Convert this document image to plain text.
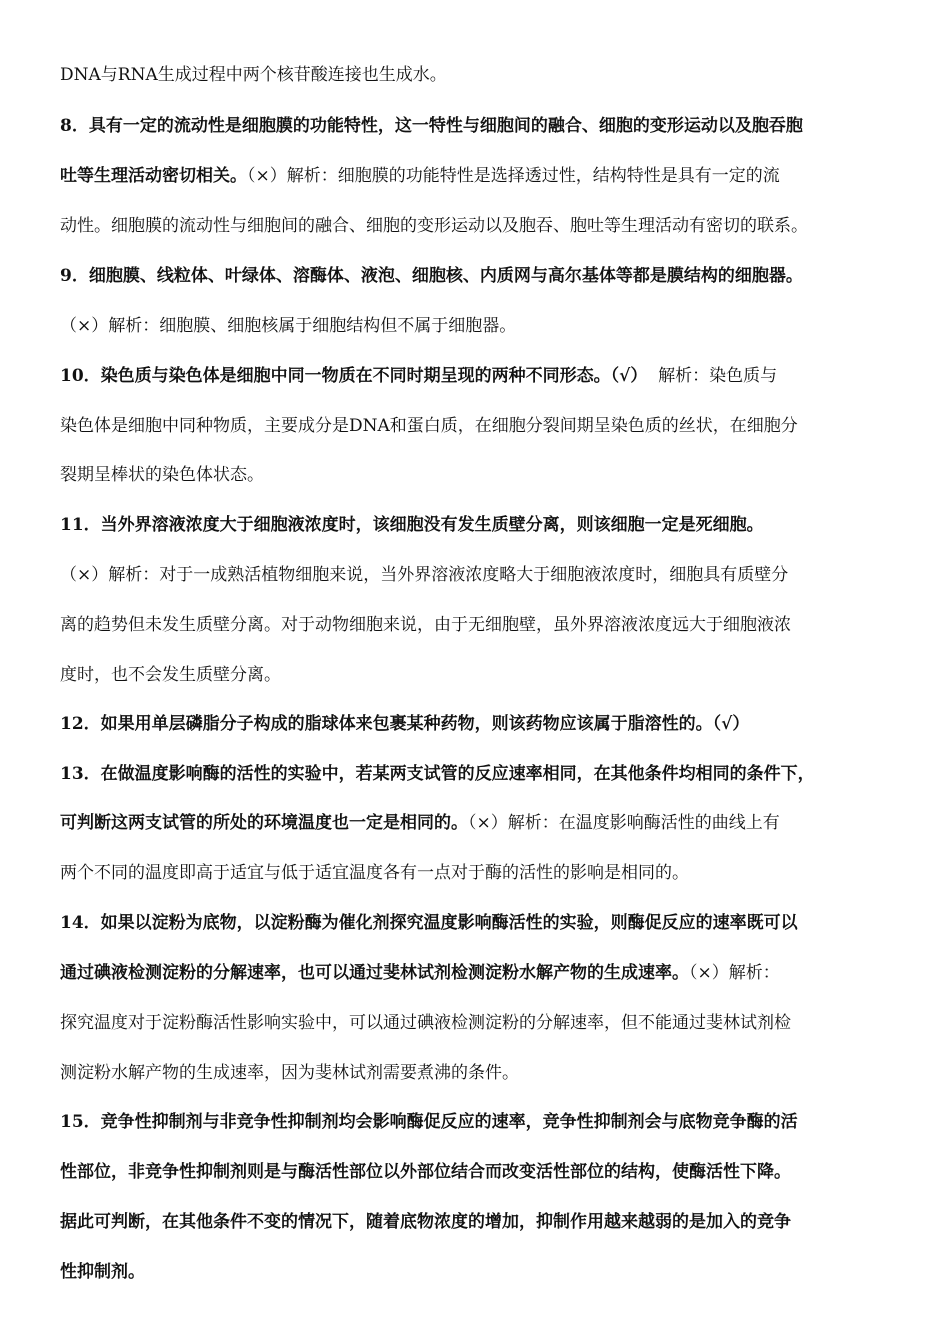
DNA与RNA生成过程中两个核苷酸连接也生成水。
8．具有一定的流动性是细胞膜的功能特性，这一特性与细胞间的融合、细胞的变形运动以及胞吞胞
吐等生理活动密切相关。（×）解析：细胞膜的功能特性是选择透过性，结构特性是具有一定的流
动性。细胞膜的流动性与细胞间的融合、细胞的变形运动以及胞吞、胞吐等生理活动有密切的联系。
9．细胞膜、线粒体、叶绿体、溶酶体、液泡、细胞核、内质网与高尔基体等都是膜结构的细胞器。
（×）解析：细胞膜、细胞核属于细胞结构但不属于细胞器。
10．染色质与染色体是细胞中同一物质在不同时期呈现的两种不同形态。（√）  解析：染色质与
染色体是细胞中同种物质，主要成分是DNA和蛋白质，在细胞分裂间期呈染色质的丝状，在细胞分
裂期呈棒状的染色体状态。
11．当外界溶液浓度大于细胞液浓度时，该细胞没有发生质壁分离，则该细胞一定是死细胞。
（×）解析：对于一成熟活植物细胞来说，当外界溶液浓度略大于细胞液浓度时，细胞具有质壁分
离的趋势但未发生质壁分离。对于动物细胞来说，由于无细胞壁，虽外界溶液浓度远大于细胞液浓
度时，也不会发生质壁分离。
12．如果用单层磷脂分子构成的脂球体来包裹某种药物，则该药物应该属于脂溶性的。（√）
13．在做温度影响酶的活性的实验中，若某两支试管的反应速率相同，在其他条件均相同的条件下，
可判断这两支试管的所处的环境温度也一定是相同的。（×）解析：在温度影响酶活性的曲线上有
两个不同的温度即高于适宜与低于适宜温度各有一点对于酶的活性的影响是相同的。
14．如果以淀粉为底物，以淀粉酶为催化剂探究温度影响酶活性的实验，则酶促反应的速率既可以
通过碘液检测淀粉的分解速率，也可以通过斐林试剂检测淀粉水解产物的生成速率。（×）解析：
探究温度对于淀粉酶活性影响实验中，可以通过碘液检测淀粉的分解速率，但不能通过斐林试剂检
测淀粉水解产物的生成速率，因为斐林试剂需要煮沸的条件。
15．竞争性抑制剂与非竞争性抑制剂均会影响酶促反应的速率，竞争性抑制剂会与底物竞争酶的活
性部位，非竞争性抑制剂则是与酶活性部位以外部位结合而改变活性部位的结构，使酶活性下降。
据此可判断，在其他条件不变的情况下，随着底物浓度的增加，抑制作用越来越弱的是加入的竞争
性抑制剂。
